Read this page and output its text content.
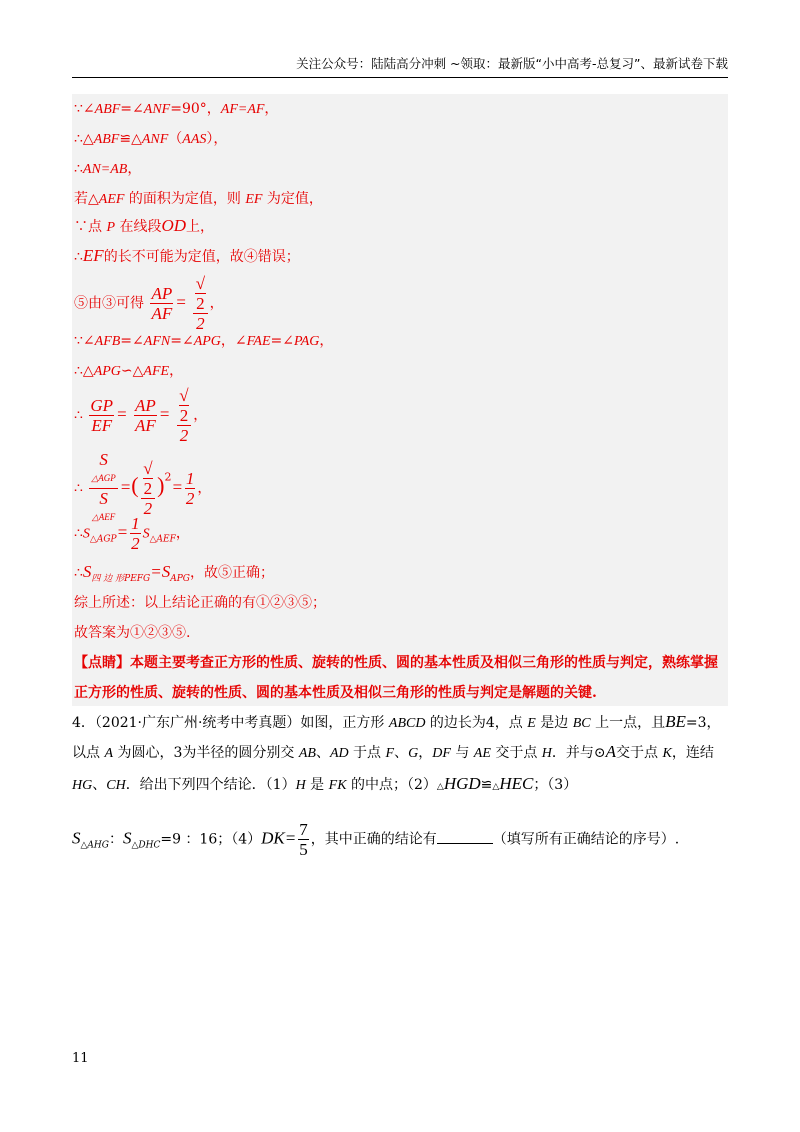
关注公众号：陆陆高分冲刺 ~领取：最新版“小中高考-总复习”、最新试卷下载
∵∠ABF=∠ANF=90°，AF=AF，
∴△ABF≌△ANF（AAS），
∴AN=AB，
若△AEF 的面积为定值，则 EF 为定值，
∵点 P 在线段OD上，
∴EF的长不可能为定值，故④错误；
⑤由③可得 $\frac{AP}{AF}$ = √
2
2 ，
∵∠AFB=∠AFN=∠APG，∠FAE=∠PAG，
∴△APG∽△AFE，
∴ $\frac{GP}{EF} = \frac{AP}{AF}$ = √
2
2 ，
∴ S
△AGP
S
△AEF =( √
2
2 )$^2= \frac{1}{2}$ ，
$\therefore S_{\triangle AGP}= \frac{1}{2} S_{\triangle AEF}$，
$\therefore S_{四 边 形PEFG}=S_{APG}$，故⑤正确；
综上所述：以上结论正确的有①②③⑤；
故答案为①②③⑤.
【点睛】本题主要考查正方形的性质、旋转的性质、圆的基本性质及相似三角形的性质与判定，熟练掌握
正方形的性质、旋转的性质、圆的基本性质及相似三角形的性质与判定是解题的关键.
4．（2021·广东广州·统考中考真题）如图，正方形 ABCD 的边长为4，点 E 是边 BC 上一点，且BE=3，
以点 A 为圆心，3为半径的圆分别交 AB、AD 于点 F、G，DF 与 AE 交于点 H．并与⊙A交于点 K，连结
HG、CH．给出下列四个结论．（1）H 是 FK 的中点；（2）△HGD≌△HEC；（3）
$S_{\triangle AHG}$：$S_{\triangle DHC}=9$ ：16；$(4)DK= \frac{7}{5}$ ，其中正确的结论有	（填写所有正确结论的序号）.
11
